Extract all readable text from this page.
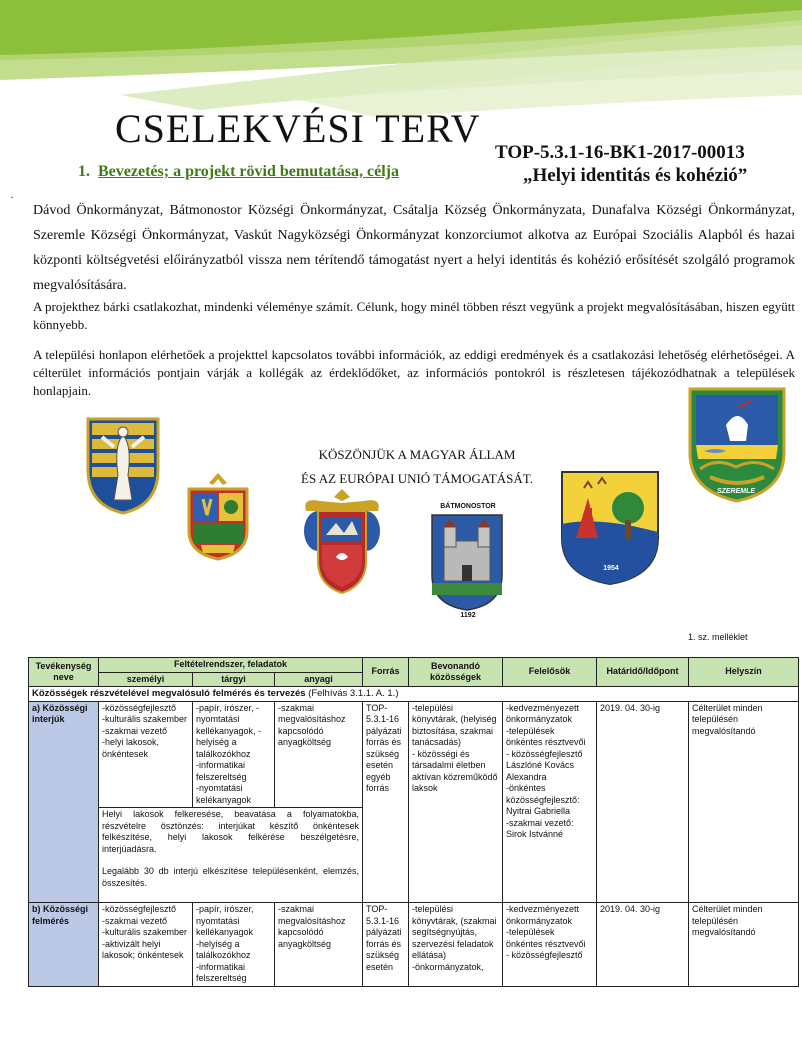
CSELEKVÉSI TERV
TOP-5.3.1-16-BK1-2017-00013
„Helyi identitás és kohézió”
1. Bevezetés; a projekt rövid bemutatása, célja
·
Dávod Önkormányzat, Bátmonostor Községi Önkormányzat, Csátalja Község Önkormányzata, Dunafalva Községi Önkormányzat, Szeremle Községi Önkormányzat, Vaskút Nagyközségi Önkormányzat konzorciumot alkotva az Európai Szociális Alapból és hazai központi költségvetési előirányzatból vissza nem térítendő támogatást nyert a helyi identitás és kohézió erősítését szolgáló programok megvalósítására.
A projekthez bárki csatlakozhat, mindenki véleménye számít. Célunk, hogy minél többen részt vegyünk a projekt megvalósításában, hiszen együtt könnyebb.
A települési honlapon elérhetőek a projekttel kapcsolatos további információk, az eddigi eredmények és a csatlakozási lehetőség elérhetőségei. A célterület információs pontjain várják a kollégák az érdeklődőket, az információs pontokról is részletesen tájékozódhatnak a települések honlapjain.
KÖSZÖNJÜK A MAGYAR ÁLLAM
ÉS AZ EURÓPAI UNIÓ TÁMOGATÁSÁT.
BÁTMONOSTOR
1192
1954
SZEREMLE
1. sz. melléklet
Tevékenység neve	Feltételrendszer, feladatok			Forrás	Bevonandó közösségek	Felelősök	Határidő/Időpont	Helyszín
	személyi	tárgyi	anyagi					
Közösségek részvételével megvalósuló felmérés és tervezés (Felhívás 3.1.1. A. 1.)								
a) Közösségi interjúk	-közösségfejlesztő
-kulturális szakember
-szakmai vezető
-helyi lakosok, önkéntesek	-papír, írószer, -nyomtatási kellékanyagok, -helyiség a találkozókhoz
-informatikai felszereltség
-nyomtatási kelékanyagok	-szakmai megvalósításhoz kapcsolódó anyagköltség	TOP-5.3.1-16 pályázati forrás és szükség esetén egyéb forrás	-települési könyvtárak, (helyiség biztosítása, szakmai tanácsadás)
- közösségi és társadalmi életben aktívan közreműködő laksok	-kedvezményezett önkormányzatok
-települések önkéntes résztvevői
- közösségfejlesztő Lászlóné Kovács Alexandra
-önkéntes közösségfejlesztő: Nyitrai Gabriella
-szakmai vezető: Sirok Istvánné	2019. 04. 30-ig	Célterület minden településén megvalósítandó

	Helyi lakosok felkeresése, beavatása a folyamatokba, részvételre ösztönzés: interjúkat készítő önkéntesek felkészítése, helyi lakosok felkérése beszélgetésre, interjúadásra.
Legalább 30 db interjú elkészítése településenként, elemzés, összesítés.							

b) Közösségi felmérés	-közösségfejlesztő
-szakmai vezető
-kulturális szakember
-aktivizált helyi lakosok; önkéntesek	-papír, írószer, nyomtatási kellékanyagok
-helyiség a találkozókhoz
-informatikai felszereltség	-szakmai megvalósításhoz kapcsolódó anyagköltség	TOP-5.3.1-16 pályázati forrás és szükség esetén	-települési könyvtárak, (szakmai segítségnyújtás, szervezési feladatok ellátása)
-önkormányzatok,	-kedvezményezett önkormányzatok
-települések önkéntes résztvevői
- közösségfejlesztő	2019. 04. 30-ig	Célterület minden településén megvalósítandó
